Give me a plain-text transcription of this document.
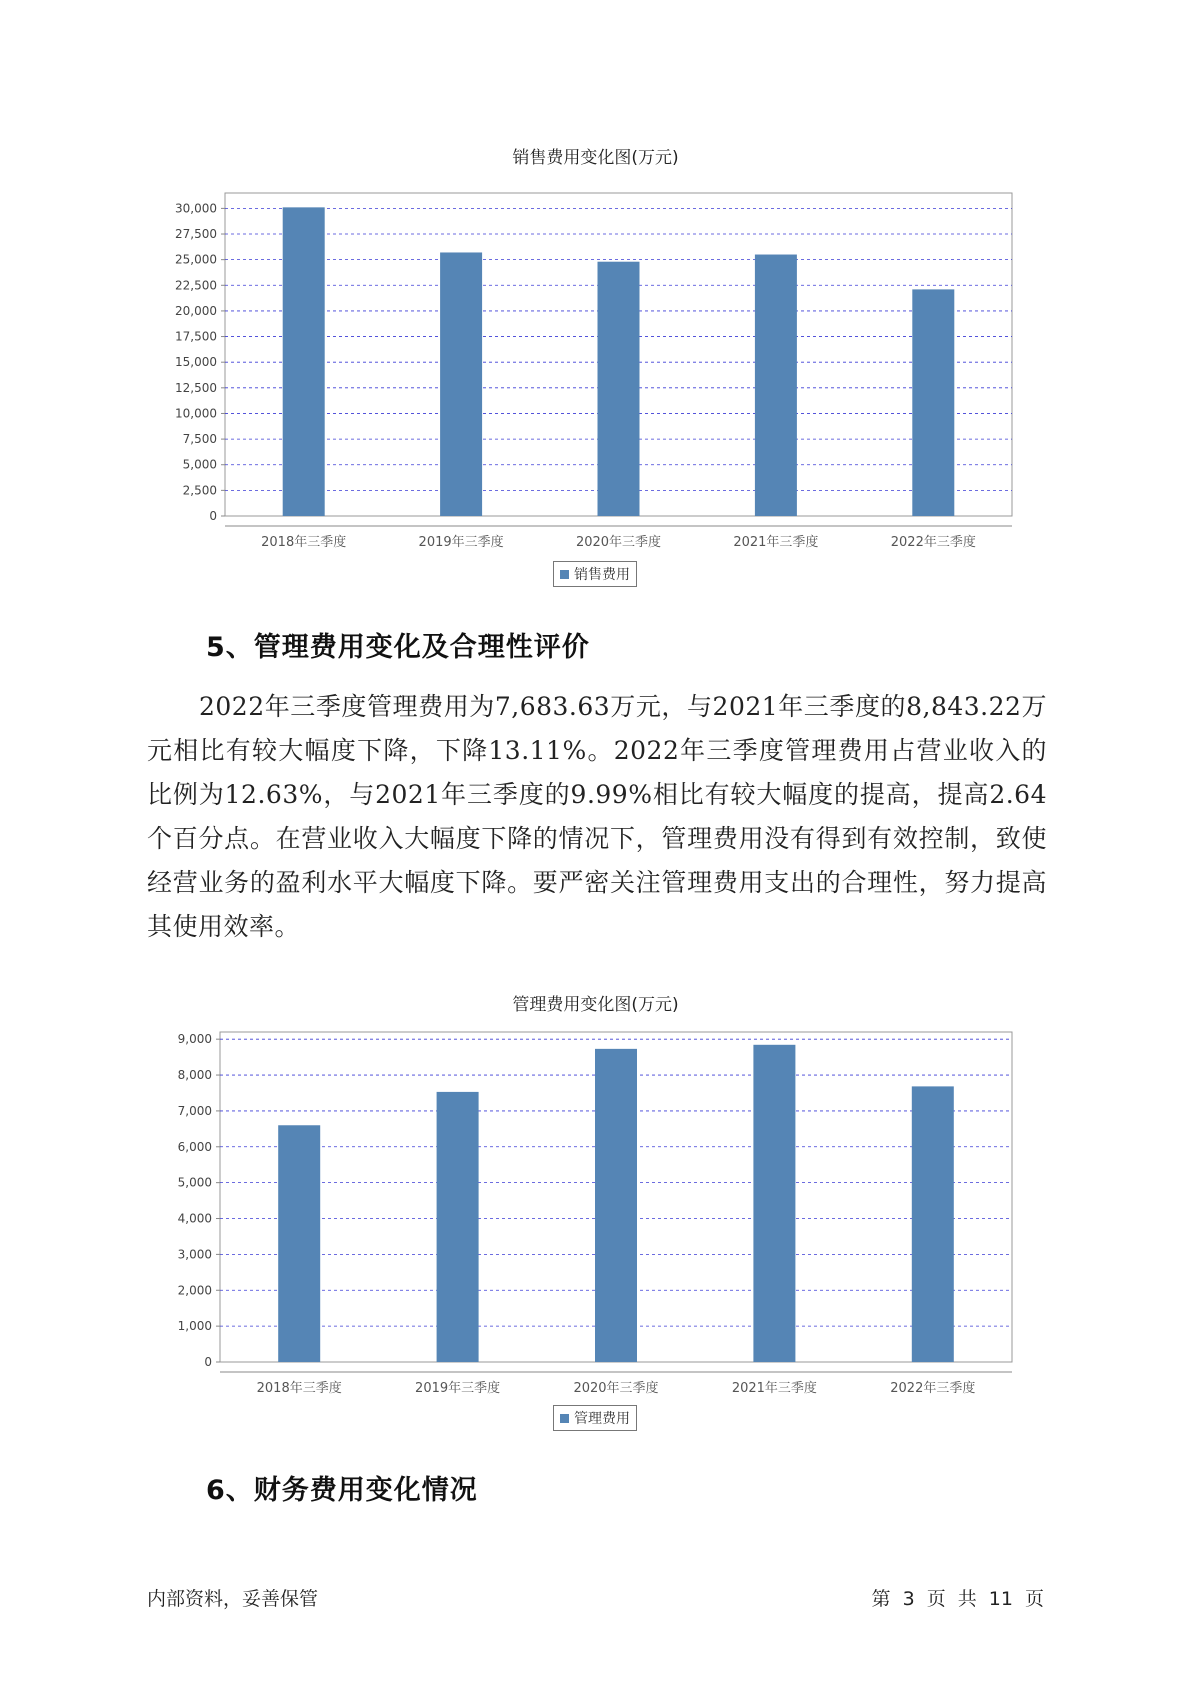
销售费用变化图(万元)
0
2,500
5,000
7,500
10,000
12,500
15,000
17,500
20,000
22,500
25,000
27,500
30,000
2018年三季度	2019年三季度	2020年三季度	2021年三季度	2022年三季度
销售费用
5、管理费用变化及合理性评价
2022年三季度管理费用为7,683.63万元，与2021年三季度的8,843.22万元相比有较大幅度下降，下降13.11%。2022年三季度管理费用占营业收入的比例为12.63%，与2021年三季度的9.99%相比有较大幅度的提高，提高2.64个百分点。在营业收入大幅度下降的情况下，管理费用没有得到有效控制，致使经营业务的盈利水平大幅度下降。要严密关注管理费用支出的合理性，努力提高其使用效率。
管理费用变化图(万元)
0
1,000
2,000
3,000
4,000
5,000
6,000
7,000
8,000
9,000
2018年三季度	2019年三季度	2020年三季度	2021年三季度	2022年三季度
管理费用
6、财务费用变化情况
内部资料，妥善保管	第 3 页 共 11 页
